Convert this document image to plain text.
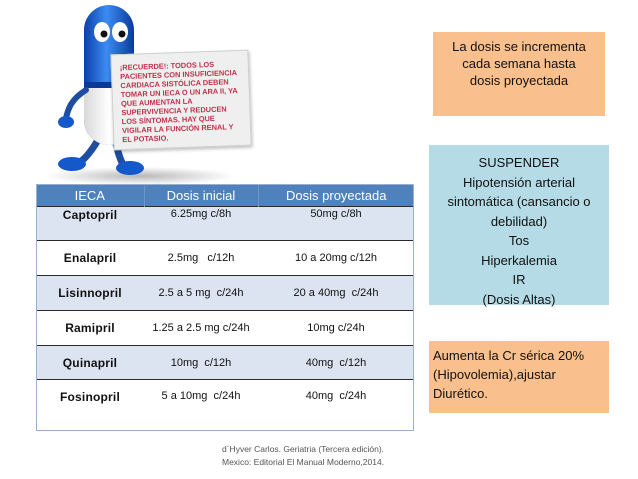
¡RECUERDE!: TODOS LOS PACIENTES CON INSUFICIENCIA CARDIACA SISTÓLICA DEBEN TOMAR UN IECA O UN ARA II, YA QUE AUMENTAN LA SUPERVIVENCIA Y REDUCEN LOS SÍNTOMAS. HAY QUE VIGILAR LA FUNCIÓN RENAL Y EL POTASIO.
IECA	Dosis inicial	Dosis proyectada
Captopril	6.25mg c/8h	50mg c/8h
Enalapril	2.5mg   c/12h	10 a 20mg c/12h
Lisinnopril	2.5 a 5 mg  c/24h	20 a 40mg  c/24h
Ramipril	1.25 a 2.5 mg c/24h	10mg c/24h
Quinapril	10mg  c/12h	40mg  c/12h
Fosinopril	5 a 10mg  c/24h	40mg  c/24h
La dosis se incrementa
cada semana hasta
dosis proyectada
SUSPENDER
Hipotensión arterial
sintomática (cansancio o
debilidad)
Tos
Hiperkalemia
IR
(Dosis Altas)
Aumenta la Cr sérica 20%
(Hipovolemia),ajustar
Diurético.
d´Hyver Carlos. Geriatria (Tercera edición).
Mexico: Editorial El Manual Moderno,2014.
